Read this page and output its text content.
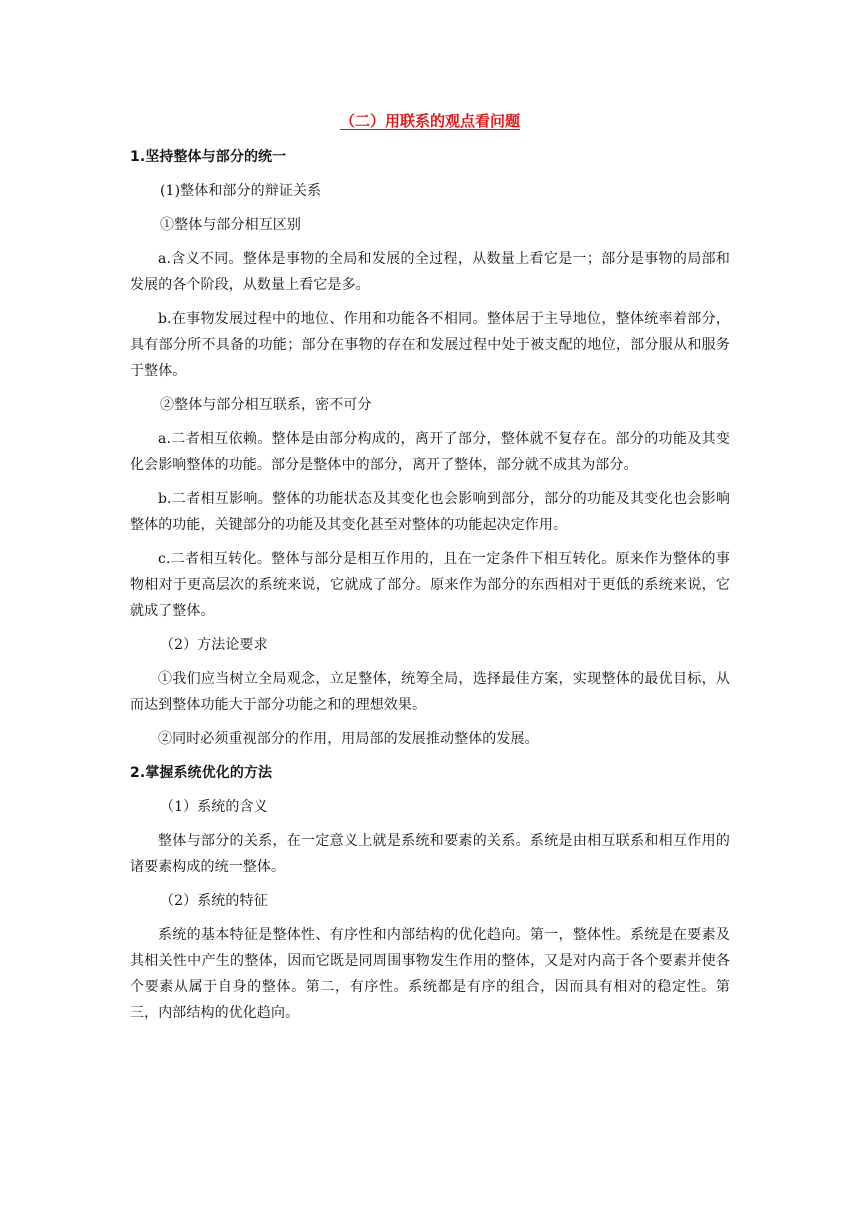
（二）用联系的观点看问题

1.坚持整体与部分的统一

(1)整体和部分的辩证关系

①整体与部分相互区别

a.含义不同。整体是事物的全局和发展的全过程，从数量上看它是一；部分是事物的局部和发展的各个阶段，从数量上看它是多。

b.在事物发展过程中的地位、作用和功能各不相同。整体居于主导地位，整体统率着部分，具有部分所不具备的功能；部分在事物的存在和发展过程中处于被支配的地位，部分服从和服务于整体。

②整体与部分相互联系，密不可分

a.二者相互依赖。整体是由部分构成的，离开了部分，整体就不复存在。部分的功能及其变化会影响整体的功能。部分是整体中的部分，离开了整体，部分就不成其为部分。

b.二者相互影响。整体的功能状态及其变化也会影响到部分，部分的功能及其变化也会影响整体的功能，关键部分的功能及其变化甚至对整体的功能起决定作用。

c.二者相互转化。整体与部分是相互作用的，且在一定条件下相互转化。原来作为整体的事物相对于更高层次的系统来说，它就成了部分。原来作为部分的东西相对于更低的系统来说，它就成了整体。

（2）方法论要求

①我们应当树立全局观念，立足整体，统筹全局，选择最佳方案，实现整体的最优目标，从而达到整体功能大于部分功能之和的理想效果。

②同时必须重视部分的作用，用局部的发展推动整体的发展。

2.掌握系统优化的方法

（1）系统的含义

整体与部分的关系，在一定意义上就是系统和要素的关系。系统是由相互联系和相互作用的诸要素构成的统一整体。

（2）系统的特征

系统的基本特征是整体性、有序性和内部结构的优化趋向。第一，整体性。系统是在要素及其相关性中产生的整体，因而它既是同周围事物发生作用的整体，又是对内高于各个要素并使各个要素从属于自身的整体。第二，有序性。系统都是有序的组合，因而具有相对的稳定性。第三，内部结构的优化趋向。
